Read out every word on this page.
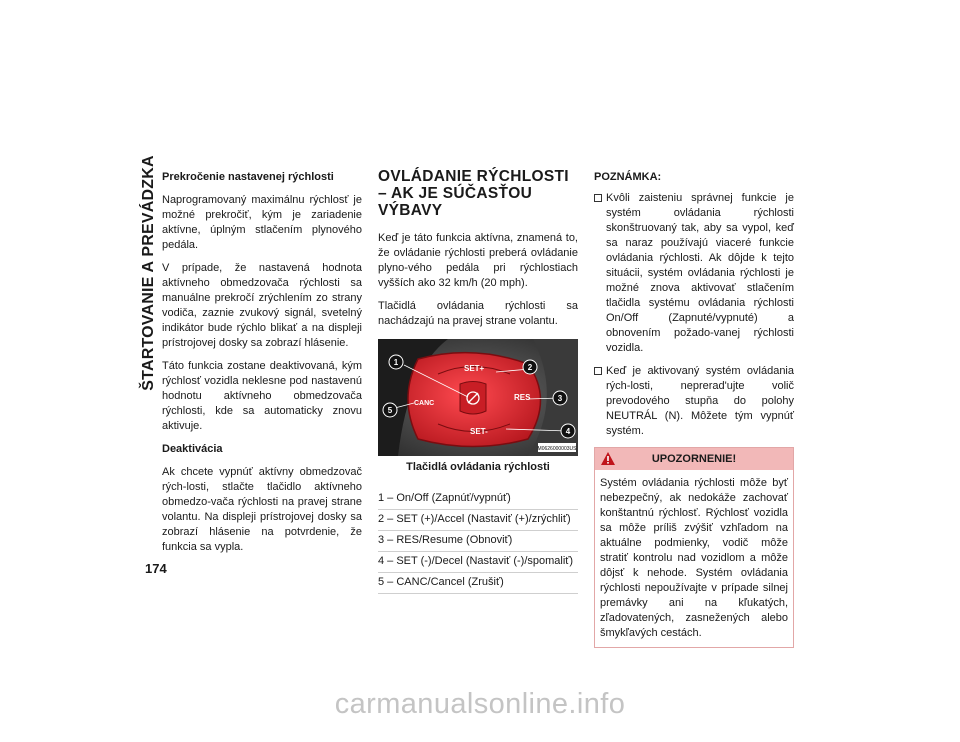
ŠTARTOVANIE A PREVÁDZKA
174
Prekročenie nastavenej rýchlosti

Naprogramovaný maximálnu rýchlosť je možné prekročiť, kým je zariadenie aktívne, úplným stlačením plynového pedála.

V prípade, že nastavená hodnota aktívneho obmedzovača rýchlosti sa manuálne prekročí zrýchlením zo strany vodiča, zaznie zvukový signál, svetelný indikátor bude rýchlo blikať a na displeji prístrojovej dosky sa zobrazí hlásenie.

Táto funkcia zostane deaktivovaná, kým rýchlosť vozidla neklesne pod nastavenú hodnotu aktívneho obmedzovača rýchlosti, kde sa automaticky znovu aktivuje.

Deaktivácia

Ak chcete vypnúť aktívny obmedzovač rých-losti, stlačte tlačidlo aktívneho obmedzo-vača rýchlosti na pravej strane volantu. Na displeji prístrojovej dosky sa zobrazí hlásenie na potvrdenie, že funkcia sa vypla.

OVLÁDANIE RÝCHLOSTI – AK JE SÚČASŤOU VÝBAVY

Keď je táto funkcia aktívna, znamená to, že ovládanie rýchlosti preberá ovládanie plyno-vého pedála pri rýchlostiach vyšších ako 32 km/h (20 mph).

Tlačidlá ovládania rýchlosti sa nachádzajú na pravej strane volantu.

SET+
RES
CANC
SET-
1
2
3
4
5
M0626000003US
Tlačidlá ovládania rýchlosti
1 – On/Off (Zapnúť/vypnúť)
2 – SET (+)/Accel (Nastaviť (+)/zrýchliť)
3 – RES/Resume (Obnoviť)
4 – SET (-)/Decel (Nastaviť (-)/spomaliť)
5 – CANC/Cancel (Zrušiť)
POZNÁMKA:
Kvôli zaisteniu správnej funkcie je systém ovládania rýchlosti skonštruovaný tak, aby sa vypol, keď sa naraz používajú viaceré funkcie ovládania rýchlosti. Ak dôjde k tejto situácii, systém ovládania rýchlosti je možné znova aktivovať stlačením tlačidla systému ovládania rýchlosti On/Off (Zapnuté/vypnuté) a obnovením požado-vanej rýchlosti vozidla.
Keď je aktivovaný systém ovládania rých-losti, neprerad'ujte volič prevodového stupňa do polohy NEUTRÁL (N). Môžete tým vypnúť systém.
UPOZORNENIE!
Systém ovládania rýchlosti môže byť nebezpečný, ak nedokáže zachovať konštantnú rýchlosť. Rýchlosť vozidla sa môže príliš zvýšiť vzhľadom na aktuálne podmienky, vodič môže stratiť kontrolu nad vozidlom a môže dôjsť k nehode. Systém ovládania rýchlosti nepoužívajte v prípade silnej premávky ani na kľukatých, zľadovatených, zasnežených alebo šmykľavých cestách.
carmanualsonline.info
